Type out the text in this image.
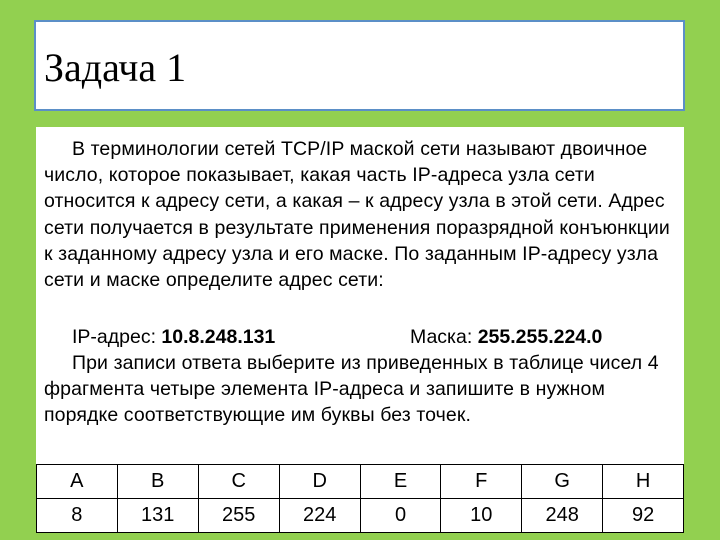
Задача 1

В терминологии сетей TCP/IP маской сети называют двоичное число, которое показывает, какая часть IP-адреса узла сети относится к адресу сети, а какая – к адресу узла в этой сети. Адрес сети получается в результате применения поразрядной конъюнкции к заданному адресу узла и его маске. По заданным IP-адресу узла сети и маске определите адрес сети:

IP-адрес: 10.8.248.131	Маска: 255.255.224.0

При записи ответа выберите из приведенных в таблице чисел 4 фрагмента четыре элемента IP-адреса и запишите в нужном порядке соответствующие им буквы без точек.

A	B	C	D	E	F	G	H
8	131	255	224	0	10	248	92
